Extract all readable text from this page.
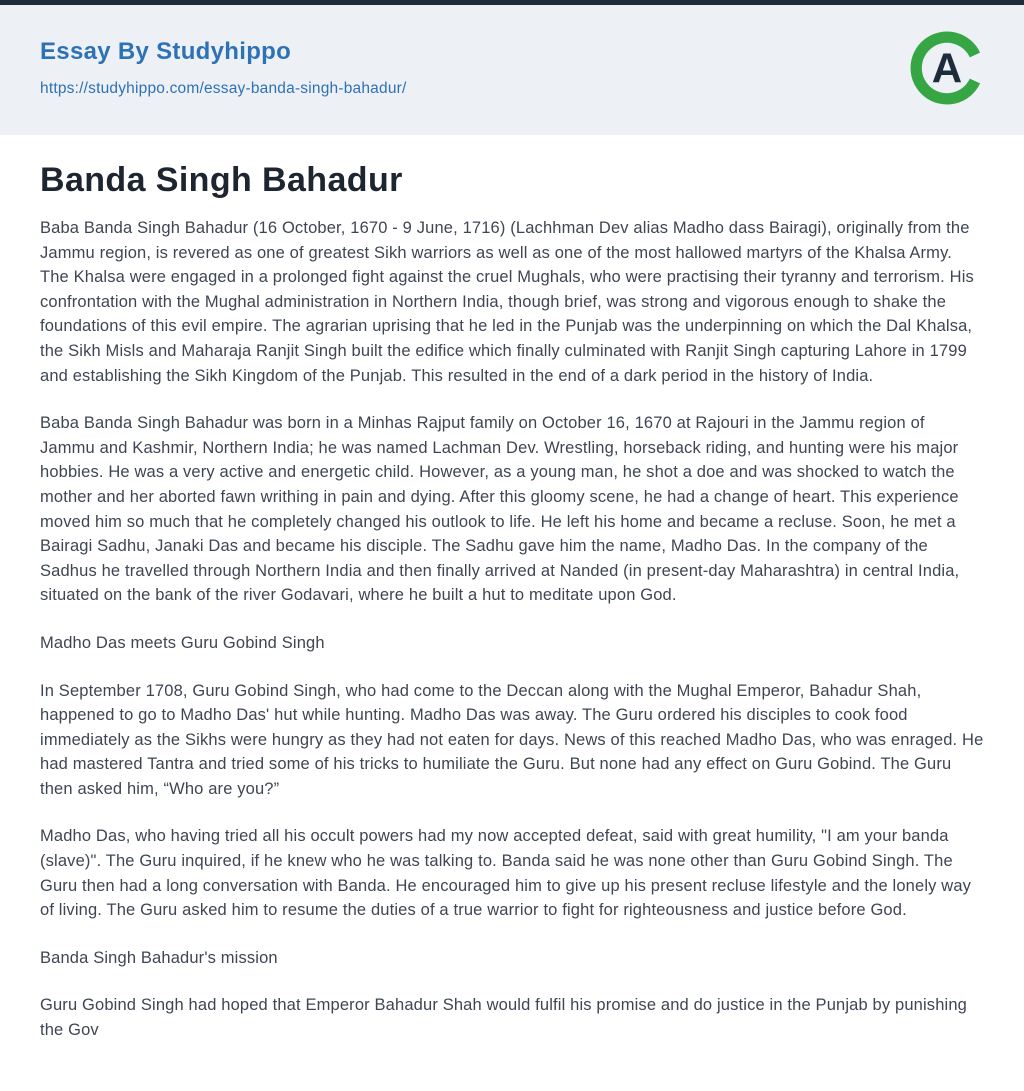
Essay By Studyhippo
https://studyhippo.com/essay-banda-singh-bahadur/	A
Banda Singh Bahadur

Baba Banda Singh Bahadur (16 October, 1670 - 9 June, 1716) (Lachhman Dev alias Madho dass Bairagi), originally from the Jammu region, is revered as one of greatest Sikh warriors as well as one of the most hallowed martyrs of the Khalsa Army. The Khalsa were engaged in a prolonged fight against the cruel Mughals, who were practising their tyranny and terrorism. His confrontation with the Mughal administration in Northern India, though brief, was strong and vigorous enough to shake the foundations of this evil empire. The agrarian uprising that he led in the Punjab was the underpinning on which the Dal Khalsa, the Sikh Misls and Maharaja Ranjit Singh built the edifice which finally culminated with Ranjit Singh capturing Lahore in 1799 and establishing the Sikh Kingdom of the Punjab. This resulted in the end of a dark period in the history of India.

Baba Banda Singh Bahadur was born in a Minhas Rajput family on October 16, 1670 at Rajouri in the Jammu region of Jammu and Kashmir, Northern India; he was named Lachman Dev. Wrestling, horseback riding, and hunting were his major hobbies. He was a very active and energetic child. However, as a young man, he shot a doe and was shocked to watch the mother and her aborted fawn writhing in pain and dying. After this gloomy scene, he had a change of heart. This experience moved him so much that he completely changed his outlook to life. He left his home and became a recluse. Soon, he met a Bairagi Sadhu, Janaki Das and became his disciple. The Sadhu gave him the name, Madho Das. In the company of the Sadhus he travelled through Northern India and then finally arrived at Nanded (in present-day Maharashtra) in central India, situated on the bank of the river Godavari, where he built a hut to meditate upon God.

Madho Das meets Guru Gobind Singh

In September 1708, Guru Gobind Singh, who had come to the Deccan along with the Mughal Emperor, Bahadur Shah, happened to go to Madho Das' hut while hunting. Madho Das was away. The Guru ordered his disciples to cook food immediately as the Sikhs were hungry as they had not eaten for days. News of this reached Madho Das, who was enraged. He had mastered Tantra and tried some of his tricks to humiliate the Guru. But none had any effect on Guru Gobind. The Guru then asked him, “Who are you?”

Madho Das, who having tried all his occult powers had my now accepted defeat, said with great humility, "I am your banda (slave)". The Guru inquired, if he knew who he was talking to. Banda said he was none other than Guru Gobind Singh. The Guru then had a long conversation with Banda. He encouraged him to give up his present recluse lifestyle and the lonely way of living. The Guru asked him to resume the duties of a true warrior to fight for righteousness and justice before God.

Banda Singh Bahadur's mission

Guru Gobind Singh had hoped that Emperor Bahadur Shah would fulfil his promise and do justice in the Punjab by punishing the Gov
